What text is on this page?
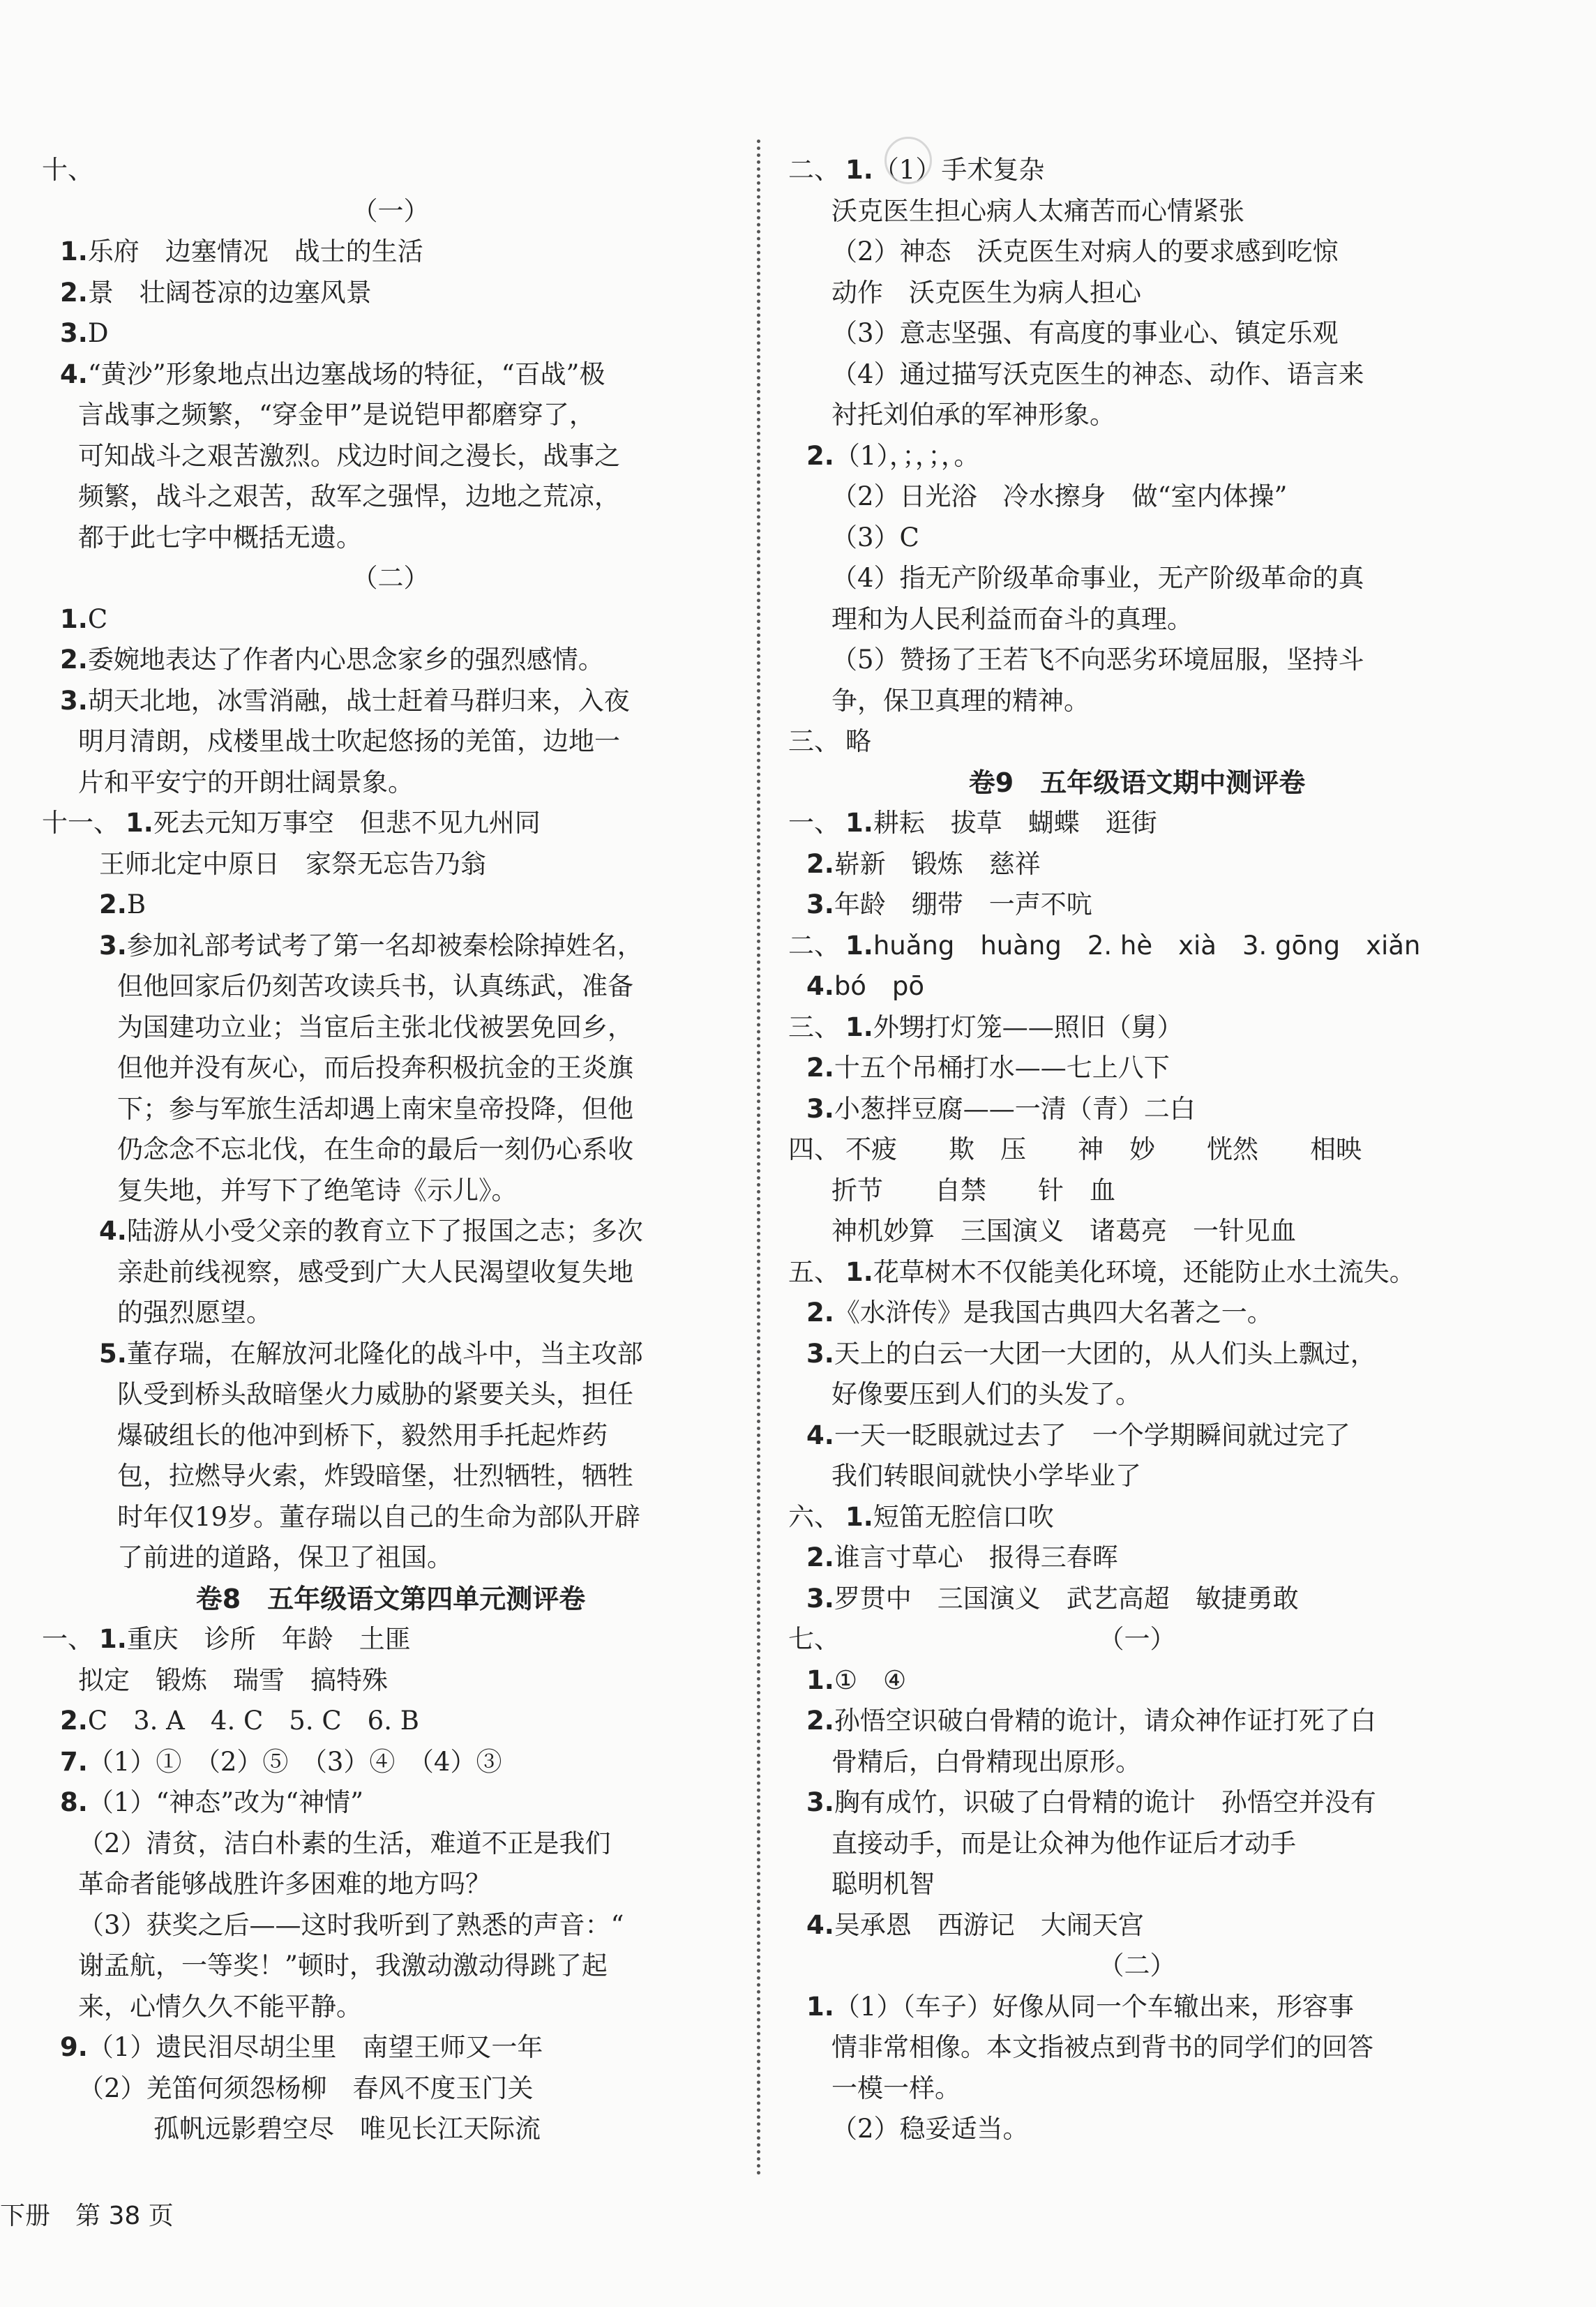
十、
（一）
1.乐府　边塞情况　战士的生活
2.景　壮阔苍凉的边塞风景
3.D
4.“黄沙”形象地点出边塞战场的特征，“百战”极
言战事之频繁，“穿金甲”是说铠甲都磨穿了，
可知战斗之艰苦激烈。戍边时间之漫长，战事之
频繁，战斗之艰苦，敌军之强悍，边地之荒凉，
都于此七字中概括无遗。
（二）
1.C
2.委婉地表达了作者内心思念家乡的强烈感情。
3.胡天北地，冰雪消融，战士赶着马群归来，入夜
明月清朗，戍楼里战士吹起悠扬的羌笛，边地一
片和平安宁的开朗壮阔景象。
十一、 1.死去元知万事空　但悲不见九州同
王师北定中原日　家祭无忘告乃翁
2.B
3.参加礼部考试考了第一名却被秦桧除掉姓名，
但他回家后仍刻苦攻读兵书，认真练武，准备
为国建功立业；当宦后主张北伐被罢免回乡，
但他并没有灰心，而后投奔积极抗金的王炎旗
下；参与军旅生活却遇上南宋皇帝投降，但他
仍念念不忘北伐，在生命的最后一刻仍心系收
复失地，并写下了绝笔诗《示儿》。
4.陆游从小受父亲的教育立下了报国之志；多次
亲赴前线视察，感受到广大人民渴望收复失地
的强烈愿望。
5.董存瑞，在解放河北隆化的战斗中，当主攻部
队受到桥头敌暗堡火力威胁的紧要关头，担任
爆破组长的他冲到桥下，毅然用手托起炸药
包，拉燃导火索，炸毁暗堡，壮烈牺牲，牺牲
时年仅19岁。董存瑞以自己的生命为部队开辟
了前进的道路，保卫了祖国。
卷8　五年级语文第四单元测评卷
一、 1.重庆　诊所　年龄　土匪
拟定　锻炼　瑞雪　搞特殊
2.C　3. A　4. C　5. C　6. B
7.（1）①　（2）⑤　（3）④　（4）③
8.（1）“神态”改为“神情”
（2）清贫，洁白朴素的生活，难道不正是我们
革命者能够战胜许多困难的地方吗？
（3）获奖之后——这时我听到了熟悉的声音：“
谢孟航，一等奖！”顿时，我激动激动得跳了起
来，心情久久不能平静。
9.（1）遗民泪尽胡尘里　南望王师又一年
（2）羌笛何须怨杨柳　春风不度玉门关
孤帆远影碧空尽　唯见长江天际流
二、 1.（1）手术复杂
沃克医生担心病人太痛苦而心情紧张
（2）神态　沃克医生对病人的要求感到吃惊
动作　沃克医生为病人担心
（3）意志坚强、有高度的事业心、镇定乐观
（4）通过描写沃克医生的神态、动作、语言来
衬托刘伯承的军神形象。
2.（1），；，；，。
（2）日光浴　冷水擦身　做“室内体操”
（3）C
（4）指无产阶级革命事业，无产阶级革命的真
理和为人民利益而奋斗的真理。
（5）赞扬了王若飞不向恶劣环境屈服，坚持斗
争，保卫真理的精神。
三、 略
卷9　五年级语文期中测评卷
一、 1.耕耘　拔草　蝴蝶　逛街
2.崭新　锻炼　慈祥
3.年龄　绷带　一声不吭
二、 1.huǎng　huàng　2. hè　xià　3. gōng　xiǎn
4.bó　pō
三、 1.外甥打灯笼——照旧（舅）
2.十五个吊桶打水——七上八下
3.小葱拌豆腐——一清（青）二白
四、 不疲　　欺　压　　神　妙　　恍然　　相映
折节　　自禁　　针　血
神机妙算　三国演义　诸葛亮　一针见血
五、 1.花草树木不仅能美化环境，还能防止水土流失。
2.《水浒传》是我国古典四大名著之一。
3.天上的白云一大团一大团的，从人们头上飘过，
好像要压到人们的头发了。
4.一天一眨眼就过去了　一个学期瞬间就过完了
我们转眼间就快小学毕业了
六、 1.短笛无腔信口吹
2.谁言寸草心　报得三春晖
3.罗贯中　三国演义　武艺高超　敏捷勇敢
七、	（一）
1.①　④
2.孙悟空识破白骨精的诡计，请众神作证打死了白
骨精后，白骨精现出原形。
3.胸有成竹，识破了白骨精的诡计　孙悟空并没有
直接动手，而是让众神为他作证后才动手
聪明机智
4.吴承恩　西游记　大闹天宫
（二）
1.（1）（车子）好像从同一个车辙出来，形容事
情非常相像。本文指被点到背书的同学们的回答
一模一样。
（2）稳妥适当。
下册　第 38 页
